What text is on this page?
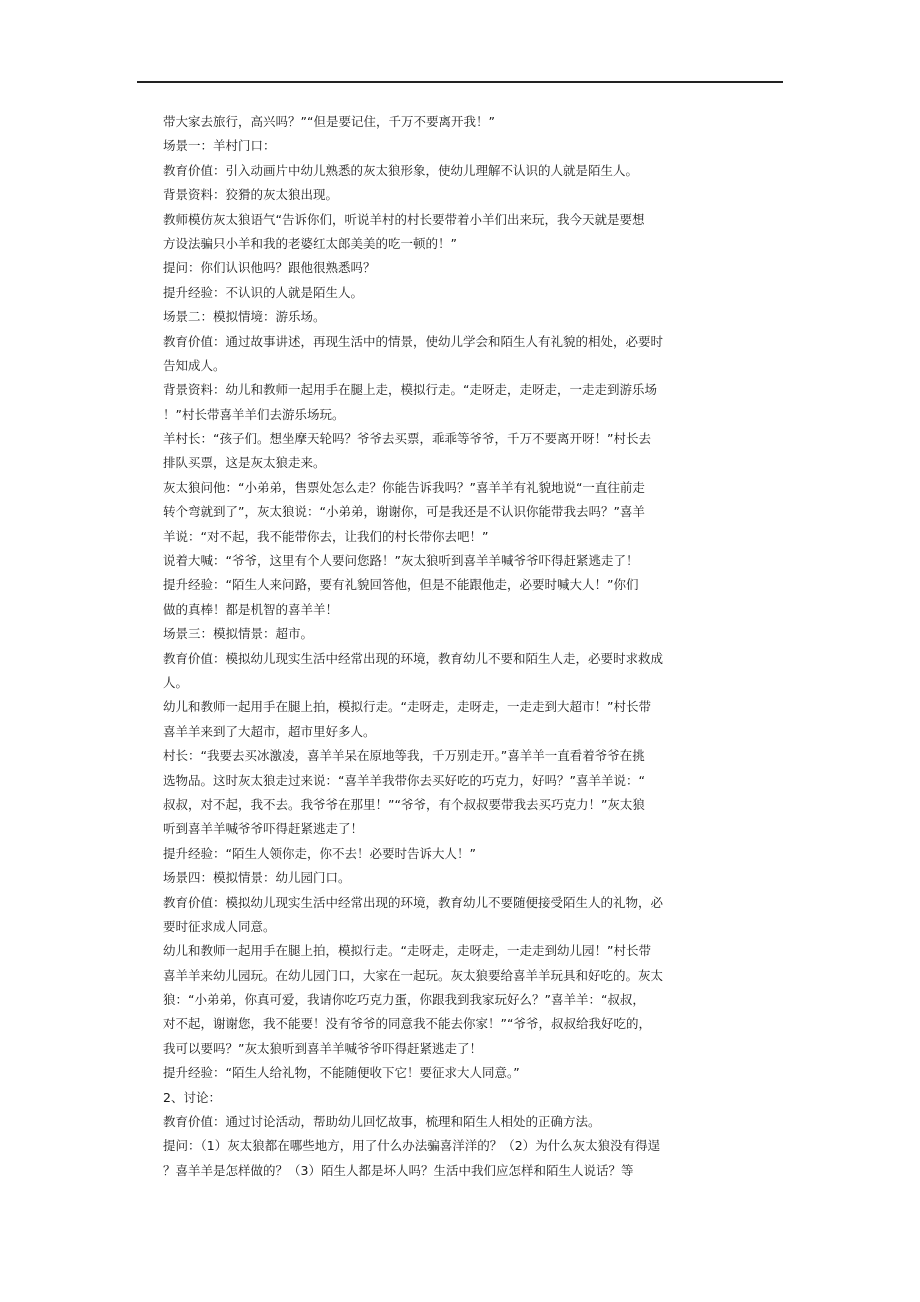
带大家去旅行，高兴吗？”“但是要记住，千万不要离开我！”
场景一：羊村门口：
教育价值：引入动画片中幼儿熟悉的灰太狼形象，使幼儿理解不认识的人就是陌生人。
背景资料：狡猾的灰太狼出现。
教师模仿灰太狼语气“告诉你们，听说羊村的村长要带着小羊们出来玩，我今天就是要想
方设法骗只小羊和我的老婆红太郎美美的吃一顿的！”
提问：你们认识他吗？跟他很熟悉吗？
提升经验：不认识的人就是陌生人。
场景二：模拟情境：游乐场。
教育价值：通过故事讲述，再现生活中的情景，使幼儿学会和陌生人有礼貌的相处，必要时
告知成人。
背景资料：幼儿和教师一起用手在腿上走，模拟行走。“走呀走，走呀走，一走走到游乐场
！”村长带喜羊羊们去游乐场玩。
羊村长：“孩子们。想坐摩天轮吗？爷爷去买票，乖乖等爷爷，千万不要离开呀！”村长去
排队买票，这是灰太狼走来。
灰太狼问他：“小弟弟，售票处怎么走？你能告诉我吗？”喜羊羊有礼貌地说“一直往前走
转个弯就到了”，灰太狼说：“小弟弟，谢谢你，可是我还是不认识你能带我去吗？”喜羊
羊说：“对不起，我不能带你去，让我们的村长带你去吧！”
说着大喊：“爷爷，这里有个人要问您路！”灰太狼听到喜羊羊喊爷爷吓得赶紧逃走了！
提升经验：“陌生人来问路，要有礼貌回答他，但是不能跟他走，必要时喊大人！”你们
做的真棒！都是机智的喜羊羊！
场景三：模拟情景：超市。
教育价值：模拟幼儿现实生活中经常出现的环境，教育幼儿不要和陌生人走，必要时求救成
人。
幼儿和教师一起用手在腿上拍，模拟行走。“走呀走，走呀走，一走走到大超市！”村长带
喜羊羊来到了大超市，超市里好多人。
村长：“我要去买冰激凌，喜羊羊呆在原地等我，千万别走开。”喜羊羊一直看着爷爷在挑
选物品。这时灰太狼走过来说：“喜羊羊我带你去买好吃的巧克力，好吗？”喜羊羊说：“
叔叔，对不起，我不去。我爷爷在那里！”“爷爷，有个叔叔要带我去买巧克力！”灰太狼
听到喜羊羊喊爷爷吓得赶紧逃走了！
提升经验：“陌生人领你走，你不去！必要时告诉大人！”
场景四：模拟情景：幼儿园门口。
教育价值：模拟幼儿现实生活中经常出现的环境，教育幼儿不要随便接受陌生人的礼物，必
要时征求成人同意。
幼儿和教师一起用手在腿上拍，模拟行走。“走呀走，走呀走，一走走到幼儿园！”村长带
喜羊羊来幼儿园玩。在幼儿园门口，大家在一起玩。灰太狼要给喜羊羊玩具和好吃的。灰太
狼：“小弟弟，你真可爱，我请你吃巧克力蛋，你跟我到我家玩好么？”喜羊羊：“叔叔，
对不起，谢谢您，我不能要！没有爷爷的同意我不能去你家！”“爷爷，叔叔给我好吃的，
我可以要吗？”灰太狼听到喜羊羊喊爷爷吓得赶紧逃走了！
提升经验：“陌生人给礼物，不能随便收下它！要征求大人同意。”
2、讨论：
教育价值：通过讨论活动，帮助幼儿回忆故事，梳理和陌生人相处的正确方法。
提问：（1）灰太狼都在哪些地方，用了什么办法骗喜洋洋的？（2）为什么灰太狼没有得逞
？喜羊羊是怎样做的？（3）陌生人都是坏人吗？生活中我们应怎样和陌生人说话？等
